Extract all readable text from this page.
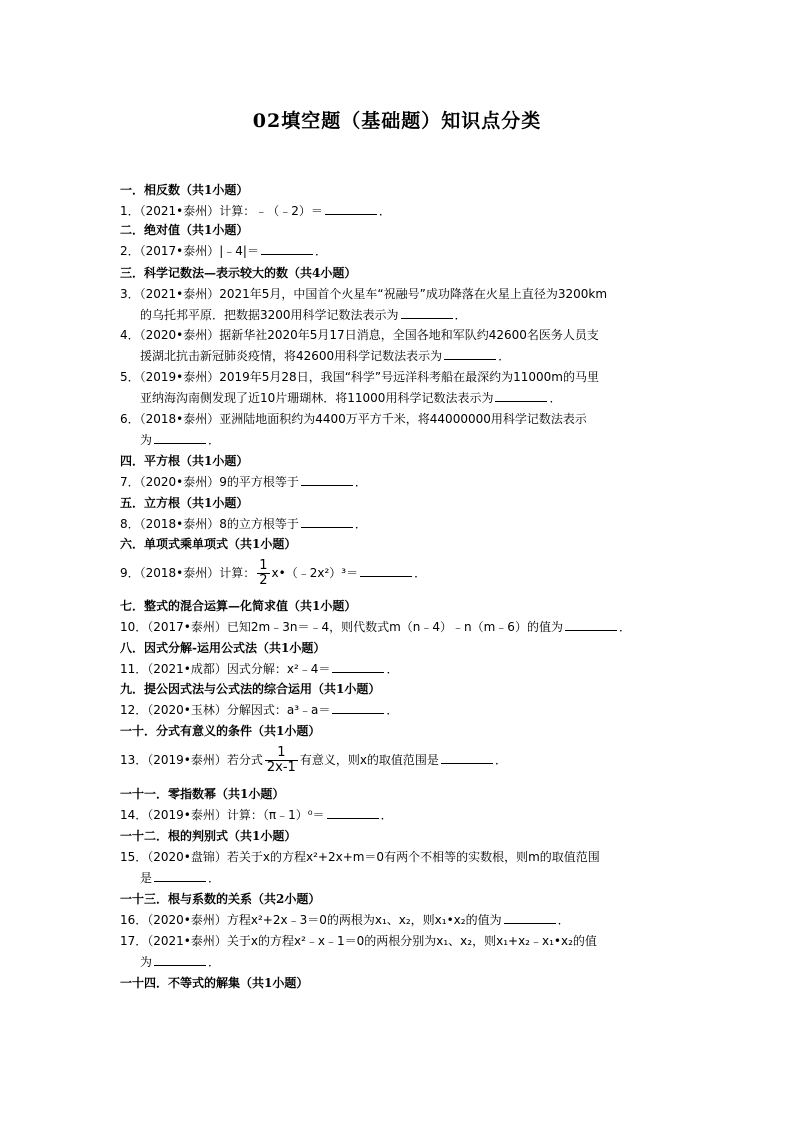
02填空题（基础题）知识点分类
一．相反数（共1小题）
1．（2021•泰州）计算：﹣（﹣2）＝	．
二．绝对值（共1小题）
2．（2017•泰州）|﹣4|＝	．
三．科学记数法—表示较大的数（共4小题）
3．（2021•泰州）2021年5月，中国首个火星车“祝融号”成功降落在火星上直径为3200km
的乌托邦平原．把数据3200用科学记数法表示为	．
4．（2020•泰州）据新华社2020年5月17日消息，全国各地和军队约42600名医务人员支
援湖北抗击新冠肺炎疫情，将42600用科学记数法表示为	．
5．（2019•泰州）2019年5月28日，我国“科学”号远洋科考船在最深约为11000m的马里
亚纳海沟南侧发现了近10片珊瑚林．将11000用科学记数法表示为	．
6．（2018•泰州）亚洲陆地面积约为4400万平方千米，将44000000用科学记数法表示
为	．
四．平方根（共1小题）
7．（2020•泰州）9的平方根等于	．
五．立方根（共1小题）
8．（2018•泰州）8的立方根等于	．
六．单项式乘单项式（共1小题）
9．（2018•泰州）计算： $\frac{1}{2}$ x•（﹣2x²）³＝	．
七．整式的混合运算—化简求值（共1小题）
10．（2017•泰州）已知2m﹣3n＝﹣4，则代数式m（n﹣4）﹣n（m﹣6）的值为	．
八．因式分解-运用公式法（共1小题）
11．（2021•成都）因式分解：x²﹣4＝	．
九．提公因式法与公式法的综合运用（共1小题）
12．（2020•玉林）分解因式：a³﹣a＝	．
一十．分式有意义的条件（共1小题）
13．（2019•泰州）若分式 $\frac{1}{2x-1}$ 有意义，则x的取值范围是	．
一十一．零指数幂（共1小题）
14．（2019•泰州）计算：（π﹣1）⁰＝	．
一十二．根的判别式（共1小题）
15．（2020•盘锦）若关于x的方程x²+2x+m＝0有两个不相等的实数根，则m的取值范围
是	．
一十三．根与系数的关系（共2小题）
16．（2020•泰州）方程x²+2x﹣3＝0的两根为x₁、x₂，则x₁•x₂的值为	．
17．（2021•泰州）关于x的方程x²﹣x﹣1＝0的两根分别为x₁、x₂，则x₁+x₂﹣x₁•x₂的值
为	．
一十四．不等式的解集（共1小题）
